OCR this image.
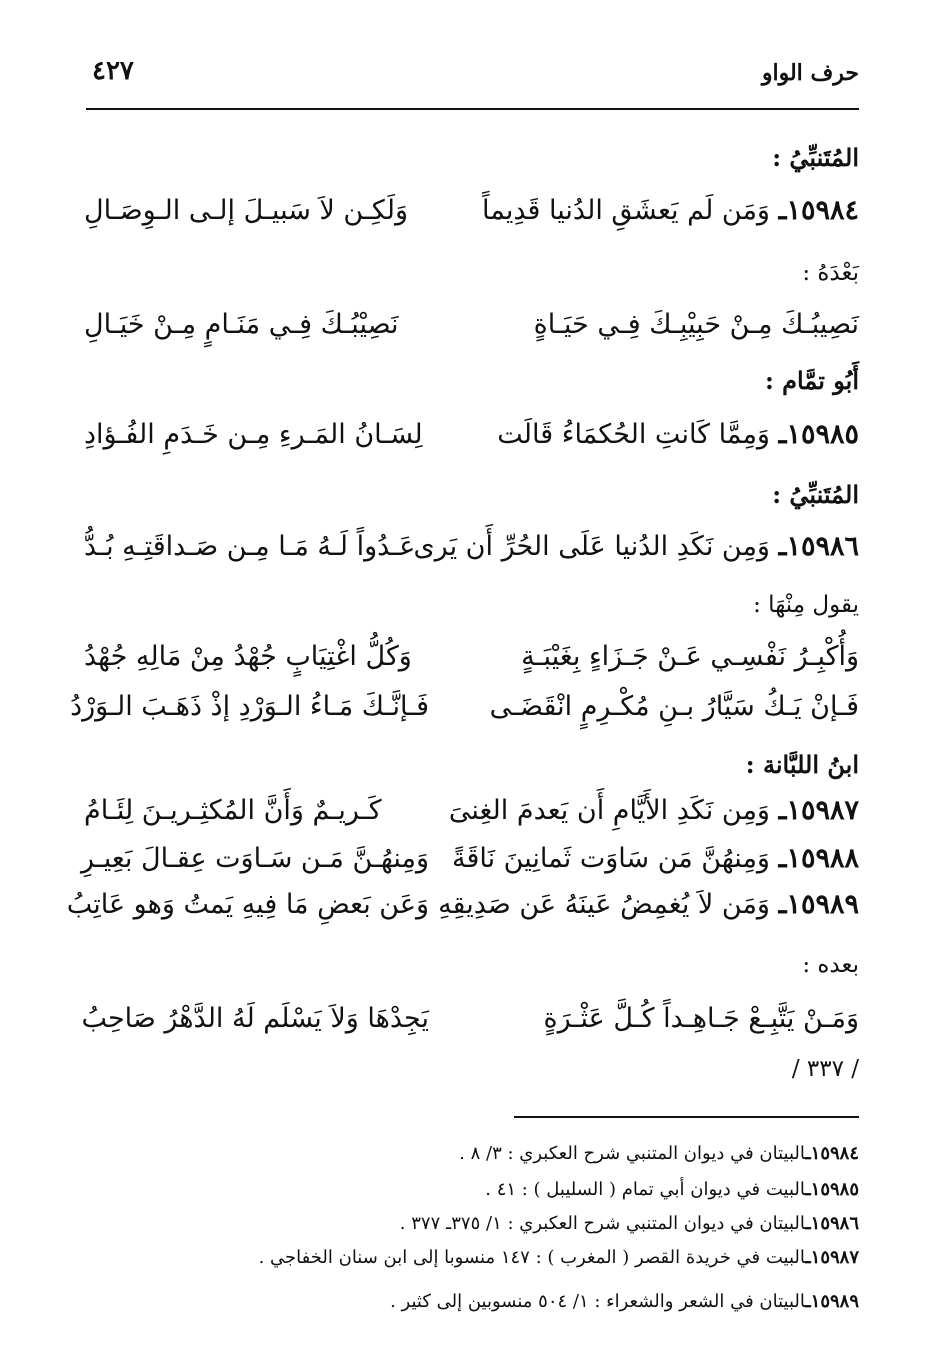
حرف الواو
٤٢٧
المُتَنبِّيُ :
١٥٩٨٤ـ وَمَن لَم يَعشَقِ الدُنيا قَدِيماً
وَلَكِـن لاَ سَبيـلَ إلـى الـوِصَـالِ
بَعْدَهُ :
نَصِيبُـكَ مِـنْ حَبِيْبِـكَ فِـي حَيَـاةٍ
نَصِيْبُـكَ فِـي مَنَـامٍ مِـنْ خَيَـالِ
أَبُو تمَّام :
١٥٩٨٥ـ وَمِمَّا كَانتِ الحُكمَاءُ قَالَت
لِسَـانُ المَـرءِ مِـن خَـدَمِ الفُـؤادِ
المُتَنبِّيُ :
١٥٩٨٦ـ وَمِن نَكَدِ الدُنيا عَلَى الحُرِّ أَن يَرى
عَـدُواً لَـهُ مَـا مِـن صَـداقَتِـهِ بُـدُّ
يقول مِنْهَا :
وَأُكْبِـرُ نَفْسِـي عَـنْ جَـزَاءٍ بِغَيْبَـةٍ
وَكُلُّ اغْتِيَابٍ جُهْدُ مِنْ مَالِهِ جُهْدُ
فَـإنْ يَـكُ سَيَّارُ بـنِ مُكْـرِمٍ انْقَضَـى
فَـإنَّـكَ مَـاءُ الـوَرْدِ إذْ ذَهَـبَ الـوَرْدُ
ابنُ اللبَّانة :
١٥٩٨٧ـ وَمِن نَكَدِ الأَيَّامِ أَن يَعدمَ الغِنىَ
كَـريـمٌ وَأَنَّ المُكثِـريـنَ لِئَـامُ
١٥٩٨٨ـ وَمِنهُنَّ مَن سَاوَت ثَمانِينَ نَاقَةً
وَمِنهُـنَّ مَـن سَـاوَت عِقـالَ بَعِيـرِ
١٥٩٨٩ـ وَمَن لاَ يُغمِضُ عَينَهُ عَن صَدِيقِهِ
وَعَن بَعضِ مَا فِيهِ يَمتُ وَهو عَاتِبُ
بعده :
وَمَـنْ يَتَّبِـعْ جَـاهِـداً كُـلَّ عَثْـرَةٍ
يَجِدْهَا وَلاَ يَسْلَم لَهُ الدَّهْرُ صَاحِبُ
/ ٣٣٧ /
١٥٩٨٤ـالبيتان في ديوان المتنبي شرح العكبري : ٣/ ٨ .
١٥٩٨٥ـالبيت في ديوان أبي تمام ( السليبل ) : ٤١ .
١٥٩٨٦ـالبيتان في ديوان المتنبي شرح العكبري : ١/ ٣٧٥ـ ٣٧٧ .
١٥٩٨٧ـالبيت في خريدة القصر ( المغرب ) : ١٤٧ منسوبا إلى ابن سنان الخفاجي .
١٥٩٨٩ـالبيتان في الشعر والشعراء : ١/ ٥٠٤ منسوبين إلى كثير .
